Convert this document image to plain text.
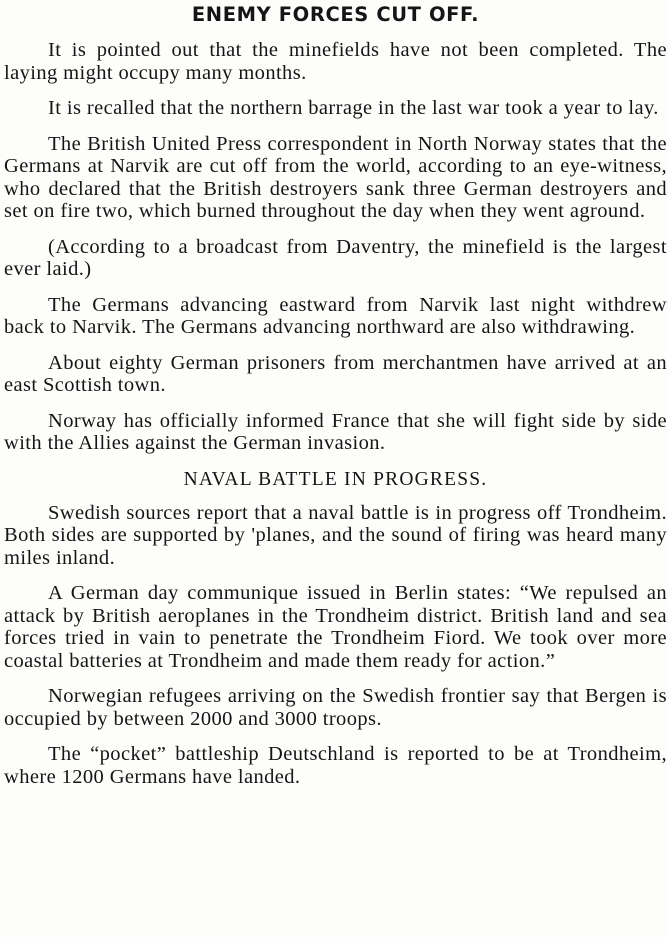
ENEMY FORCES CUT OFF.

It is pointed out that the minefields have not been completed. The laying might occupy many months.

It is recalled that the northern barrage in the last war took a year to lay.

The British United Press correspondent in North Norway states that the Germans at Narvik are cut off from the world, according to an eye-witness, who declared that the British destroyers sank three German destroyers and set on fire two, which burned throughout the day when they went aground.

(According to a broadcast from Daventry, the minefield is the largest ever laid.)

The Germans advancing eastward from Narvik last night withdrew back to Narvik. The Germans advancing northward are also withdrawing.

About eighty German prisoners from merchantmen have arrived at an east Scottish town.

Norway has officially informed France that she will fight side by side with the Allies against the German invasion.

NAVAL BATTLE IN PROGRESS.

Swedish sources report that a naval battle is in progress off Trondheim. Both sides are supported by 'planes, and the sound of firing was heard many miles inland.

A German day communique issued in Berlin states: “We repulsed an attack by British aeroplanes in the Trondheim district. British land and sea forces tried in vain to penetrate the Trondheim Fiord. We took over more coastal batteries at Trondheim and made them ready for action.”

Norwegian refugees arriving on the Swedish frontier say that Bergen is occupied by between 2000 and 3000 troops.

The “pocket” battleship Deutschland is reported to be at Trondheim, where 1200 Germans have landed.
